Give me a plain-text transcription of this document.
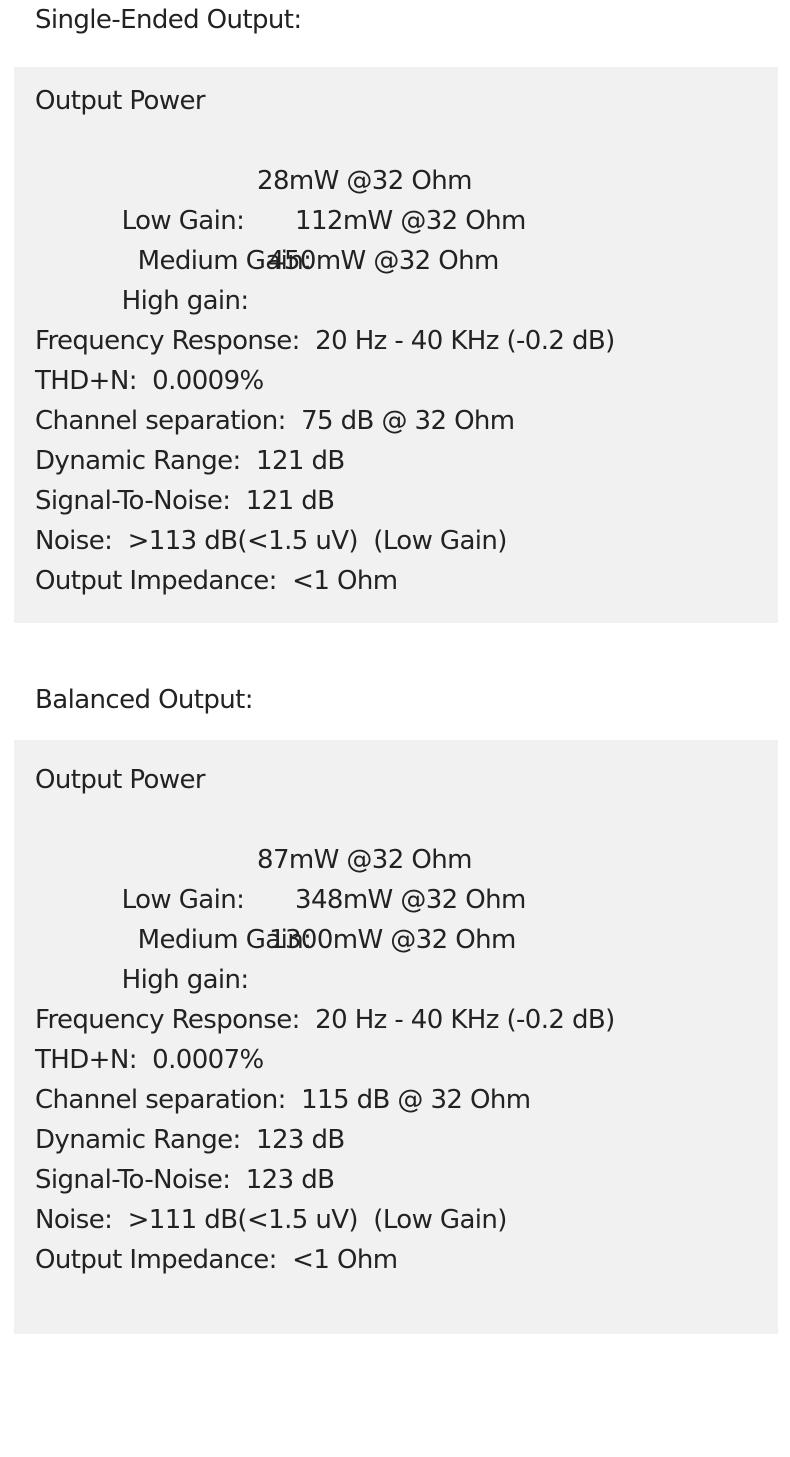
Single-Ended Output:
Output Power

Low Gain:

28mW @32 Ohm

Medium Gain:

112mW @32 Ohm

High gain:

450mW @32 Ohm

Frequency Response:  20 Hz - 40 KHz (-0.2 dB)
THD+N:  0.0009%
Channel separation:  75 dB @ 32 Ohm
Dynamic Range:  121 dB
Signal-To-Noise:  121 dB
Noise:  >113 dB(<1.5 uV)  (Low Gain)
Output Impedance:  <1 Ohm
Balanced Output:
Output Power

Low Gain:

87mW @32 Ohm

Medium Gain:

348mW @32 Ohm

High gain:

1300mW @32 Ohm

Frequency Response:  20 Hz - 40 KHz (-0.2 dB)
THD+N:  0.0007%
Channel separation:  115 dB @ 32 Ohm
Dynamic Range:  123 dB
Signal-To-Noise:  123 dB
Noise:  >111 dB(<1.5 uV)  (Low Gain)
Output Impedance:  <1 Ohm
